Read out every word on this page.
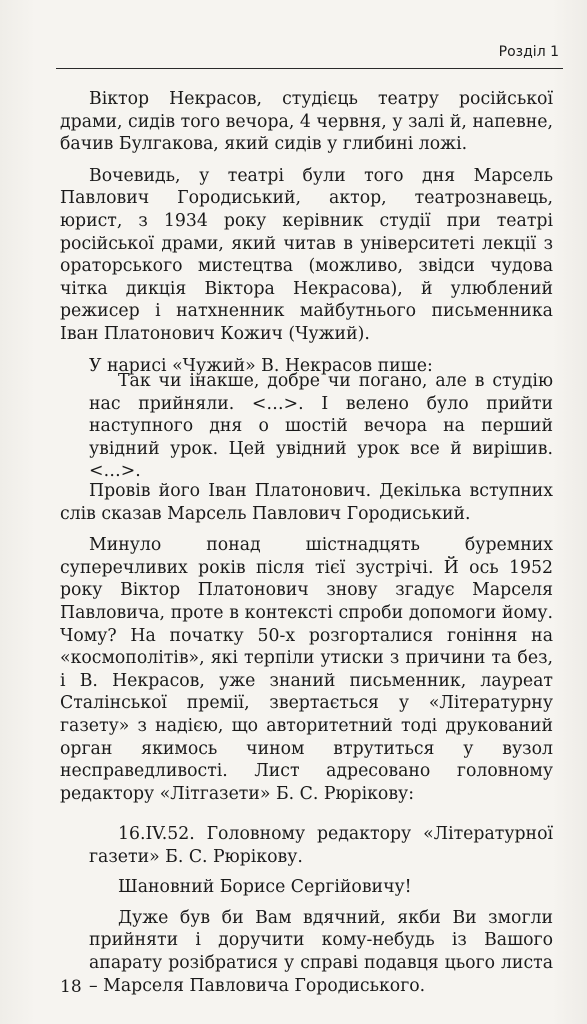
Розділ 1

Віктор Некрасов, студієць театру російської драми, сидів того вечора, 4 червня, у залі й, напевне, бачив Булгакова, який сидів у глибині ложі.

Вочевидь, у театрі були того дня Марсель Павлович Городиський, актор, театрознавець, юрист, з 1934 року керівник студії при театрі російської драми, який читав в університеті лекції з ораторського мистецтва (можливо, звідси чудова чітка дикція Віктора Некрасова), й улюблений режисер і натхненник майбутнього письменника Іван Платонович Кожич (Чужий).

У нарисі «Чужий» В. Некрасов пише:

Так чи інакше, добре чи погано, але в студію нас прийняли. <…>. І велено було прийти наступного дня о шостій вечора на перший увідний урок. Цей увідний урок все й вирішив. <…>.

Провів його Іван Платонович. Декілька вступних слів сказав Марсель Павлович Городиський.

Минуло понад шістнадцять буремних суперечливих років після тієї зустрічі. Й ось 1952 року Віктор Платонович знову згадує Марселя Павловича, проте в контексті спроби допомоги йому. Чому? На початку 50-х розгорталися гоніння на «космополітів», які терпіли утиски з причини та без, і В. Некрасов, уже знаний письменник, лауреат Сталінської премії, звертається у «Літературну газету» з надією, що авторитетний тоді друкований орган якимось чином втрутиться у вузол несправедливості. Лист адресовано головному редактору «Літгазети» Б. С. Рюрікову:

16.IV.52. Головному редактору «Літературної газети» Б. С. Рюрікову.

Шановний Борисе Сергійовичу!

Дуже був би Вам вдячний, якби Ви змогли прийняти і доручити кому-небудь із Вашого апарату розібратися у справі подавця цього листа – Марселя Павловича Городиського.

18
